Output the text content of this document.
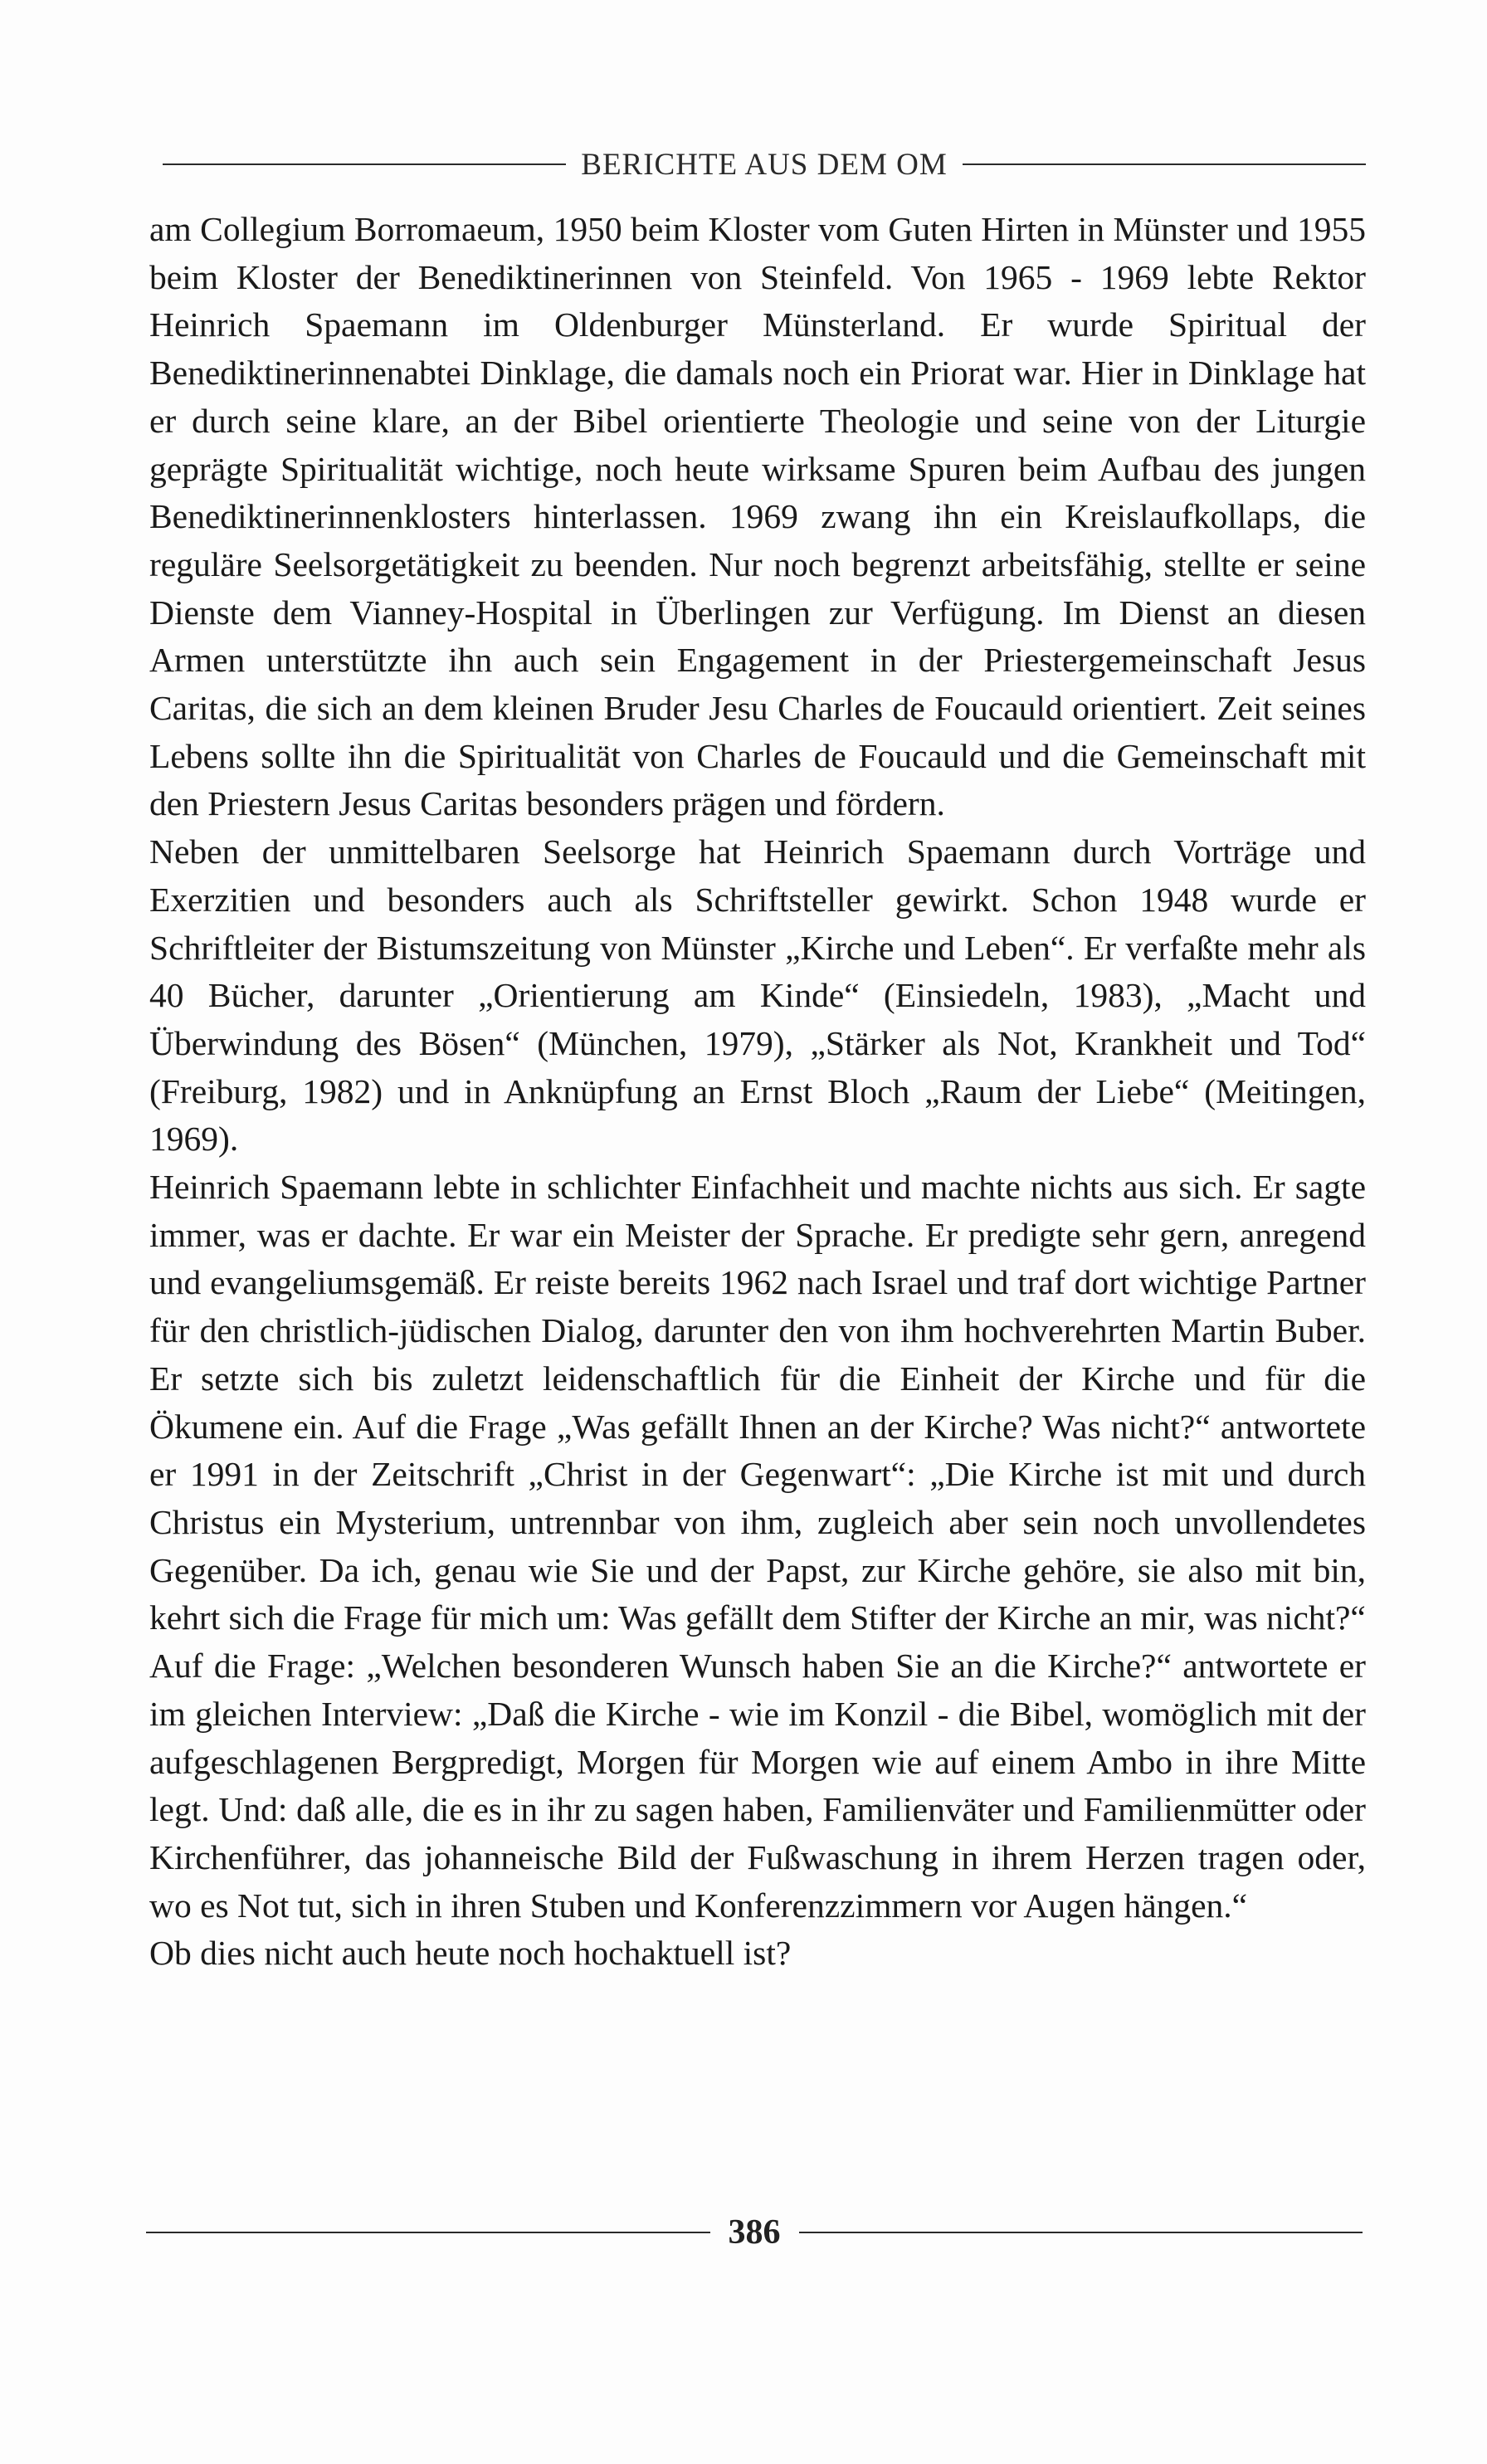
BERICHTE AUS DEM OM

am Collegium Borromaeum, 1950 beim Kloster vom Guten Hirten in Münster und 1955 beim Kloster der Benediktinerinnen von Steinfeld. Von 1965 - 1969 lebte Rektor Heinrich Spaemann im Oldenburger Münsterland. Er wurde Spiritual der Benediktinerinnenabtei Dinklage, die damals noch ein Priorat war. Hier in Dinklage hat er durch seine klare, an der Bibel orientierte Theologie und seine von der Liturgie geprägte Spiritualität wichtige, noch heute wirksame Spuren beim Aufbau des jungen Benediktinerinnenklosters hinterlassen. 1969 zwang ihn ein Kreislaufkollaps, die reguläre Seelsorgetätigkeit zu beenden. Nur noch begrenzt arbeitsfähig, stellte er seine Dienste dem Vianney-Hospital in Überlingen zur Verfügung. Im Dienst an diesen Armen unterstützte ihn auch sein Engagement in der Priestergemeinschaft Jesus Caritas, die sich an dem kleinen Bruder Jesu Charles de Foucauld orientiert. Zeit seines Lebens sollte ihn die Spiritualität von Charles de Foucauld und die Gemeinschaft mit den Priestern Jesus Caritas besonders prägen und fördern.

Neben der unmittelbaren Seelsorge hat Heinrich Spaemann durch Vorträge und Exerzitien und besonders auch als Schriftsteller gewirkt. Schon 1948 wurde er Schriftleiter der Bistumszeitung von Münster „Kirche und Leben“. Er verfaßte mehr als 40 Bücher, darunter „Orientierung am Kinde“ (Einsiedeln, 1983), „Macht und Überwindung des Bösen“ (München, 1979), „Stärker als Not, Krankheit und Tod“ (Freiburg, 1982) und in Anknüpfung an Ernst Bloch „Raum der Liebe“ (Meitingen, 1969).

Heinrich Spaemann lebte in schlichter Einfachheit und machte nichts aus sich. Er sagte immer, was er dachte. Er war ein Meister der Sprache. Er predigte sehr gern, anregend und evangeliumsgemäß. Er reiste bereits 1962 nach Israel und traf dort wichtige Partner für den christlich-jüdischen Dialog, darunter den von ihm hochverehrten Martin Buber. Er setzte sich bis zuletzt leidenschaftlich für die Einheit der Kirche und für die Ökumene ein. Auf die Frage „Was gefällt Ihnen an der Kirche? Was nicht?“ antwortete er 1991 in der Zeitschrift „Christ in der Gegenwart“: „Die Kirche ist mit und durch Christus ein Mysterium, untrennbar von ihm, zugleich aber sein noch unvollendetes Gegenüber. Da ich, genau wie Sie und der Papst, zur Kirche gehöre, sie also mit bin, kehrt sich die Frage für mich um: Was gefällt dem Stifter der Kirche an mir, was nicht?“

Auf die Frage: „Welchen besonderen Wunsch haben Sie an die Kirche?“ antwortete er im gleichen Interview: „Daß die Kirche - wie im Konzil - die Bibel, womöglich mit der aufgeschlagenen Bergpredigt, Morgen für Morgen wie auf einem Ambo in ihre Mitte legt. Und: daß alle, die es in ihr zu sagen haben, Familienväter und Familienmütter oder Kirchenführer, das johanneische Bild der Fußwaschung in ihrem Herzen tragen oder, wo es Not tut, sich in ihren Stuben und Konferenzzimmern vor Augen hängen.“

Ob dies nicht auch heute noch hochaktuell ist?

386
